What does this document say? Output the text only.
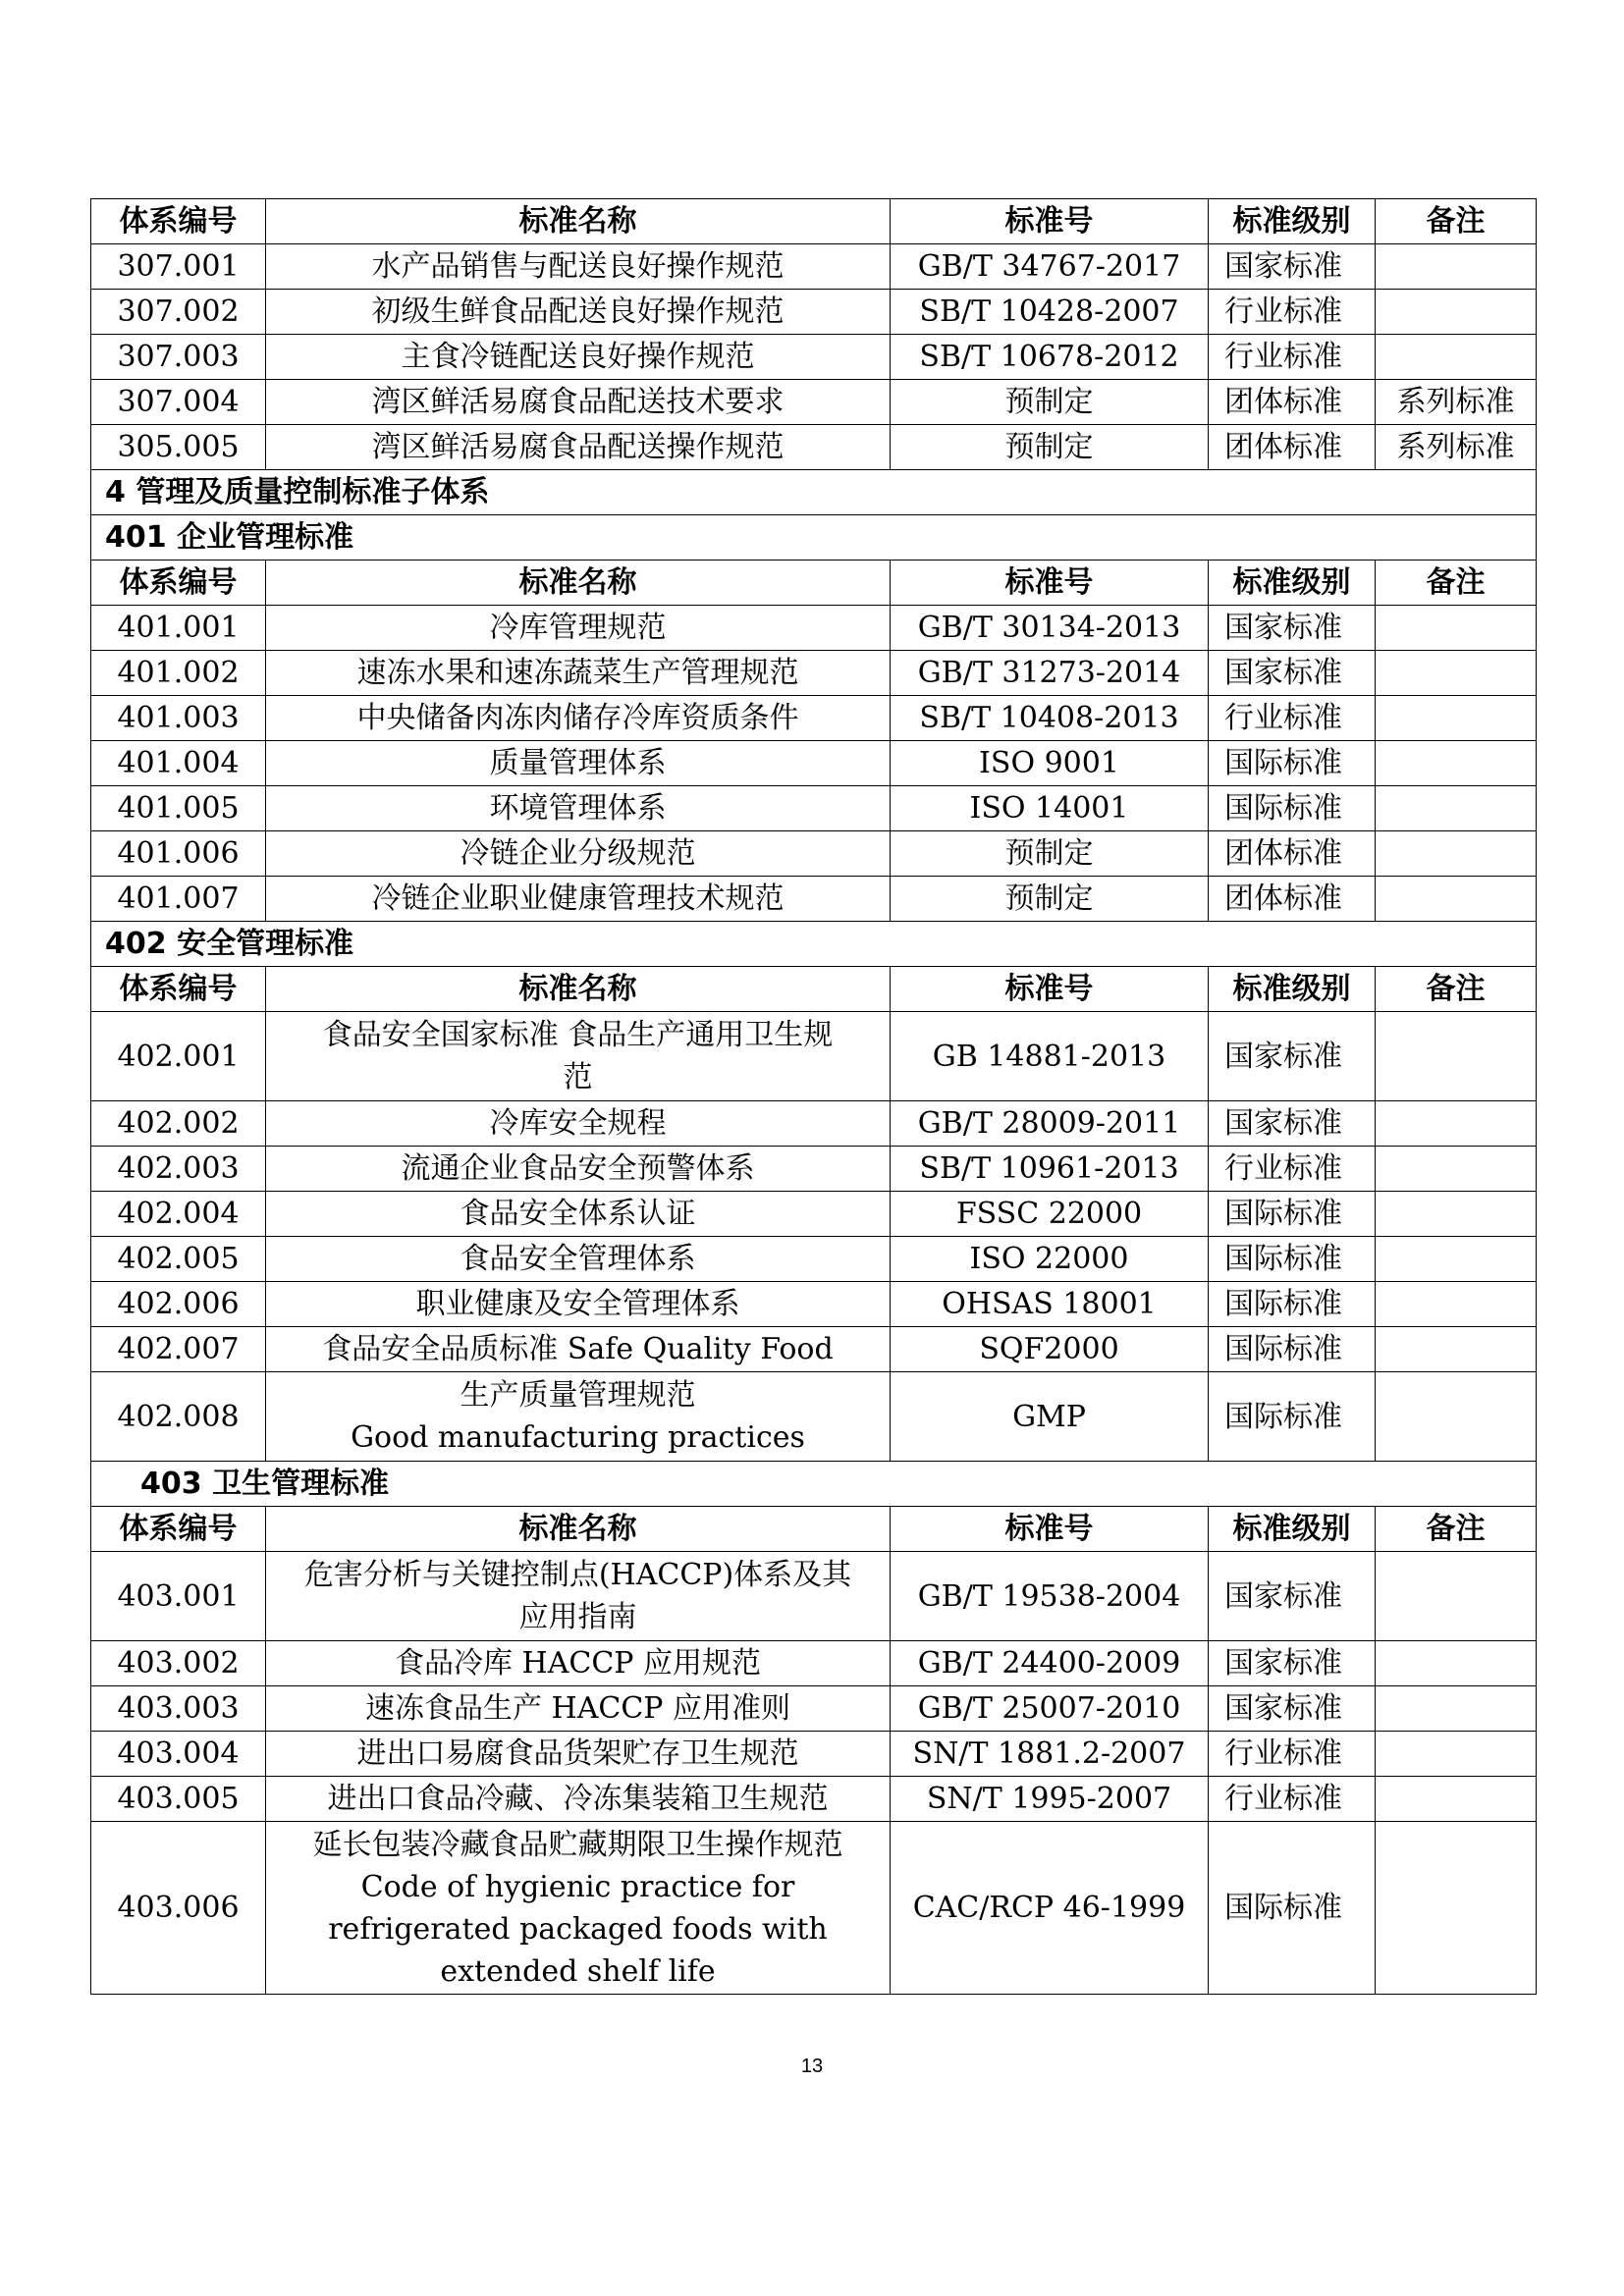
体系编号	标准名称	标准号	标准级别	备注
307.001	水产品销售与配送良好操作规范	GB/T 34767-2017	国家标准	
307.002	初级生鲜食品配送良好操作规范	SB/T 10428-2007	行业标准	
307.003	主食冷链配送良好操作规范	SB/T 10678-2012	行业标准	
307.004	湾区鲜活易腐食品配送技术要求	预制定	团体标准	系列标准
305.005	湾区鲜活易腐食品配送操作规范	预制定	团体标准	系列标准
4 管理及质量控制标准子体系				
401 企业管理标准				
体系编号	标准名称	标准号	标准级别	备注
401.001	冷库管理规范	GB/T 30134-2013	国家标准	
401.002	速冻水果和速冻蔬菜生产管理规范	GB/T 31273-2014	国家标准	
401.003	中央储备肉冻肉储存冷库资质条件	SB/T 10408-2013	行业标准	
401.004	质量管理体系	ISO 9001	国际标准	
401.005	环境管理体系	ISO 14001	国际标准	
401.006	冷链企业分级规范	预制定	团体标准	
401.007	冷链企业职业健康管理技术规范	预制定	团体标准	
402 安全管理标准				
体系编号	标准名称	标准号	标准级别	备注
402.001	食品安全国家标准 食品生产通用卫生规
范	GB 14881-2013	国家标准	
402.002	冷库安全规程	GB/T 28009-2011	国家标准	
402.003	流通企业食品安全预警体系	SB/T 10961-2013	行业标准	
402.004	食品安全体系认证	FSSC 22000	国际标准	
402.005	食品安全管理体系	ISO 22000	国际标准	
402.006	职业健康及安全管理体系	OHSAS 18001	国际标准	
402.007	食品安全品质标准 Safe Quality Food	SQF2000	国际标准	
402.008	生产质量管理规范
Good manufacturing practices	GMP	国际标准	
403 卫生管理标准				
体系编号	标准名称	标准号	标准级别	备注
403.001	危害分析与关键控制点(HACCP)体系及其
应用指南	GB/T 19538-2004	国家标准	
403.002	食品冷库 HACCP 应用规范	GB/T 24400-2009	国家标准	
403.003	速冻食品生产 HACCP 应用准则	GB/T 25007-2010	国家标准	
403.004	进出口易腐食品货架贮存卫生规范	SN/T 1881.2-2007	行业标准	
403.005	进出口食品冷藏、冷冻集装箱卫生规范	SN/T 1995-2007	行业标准	
403.006	延长包装冷藏食品贮藏期限卫生操作规范
Code of hygienic practice for
refrigerated packaged foods with
extended shelf life	CAC/RCP 46-1999	国际标准	
13
